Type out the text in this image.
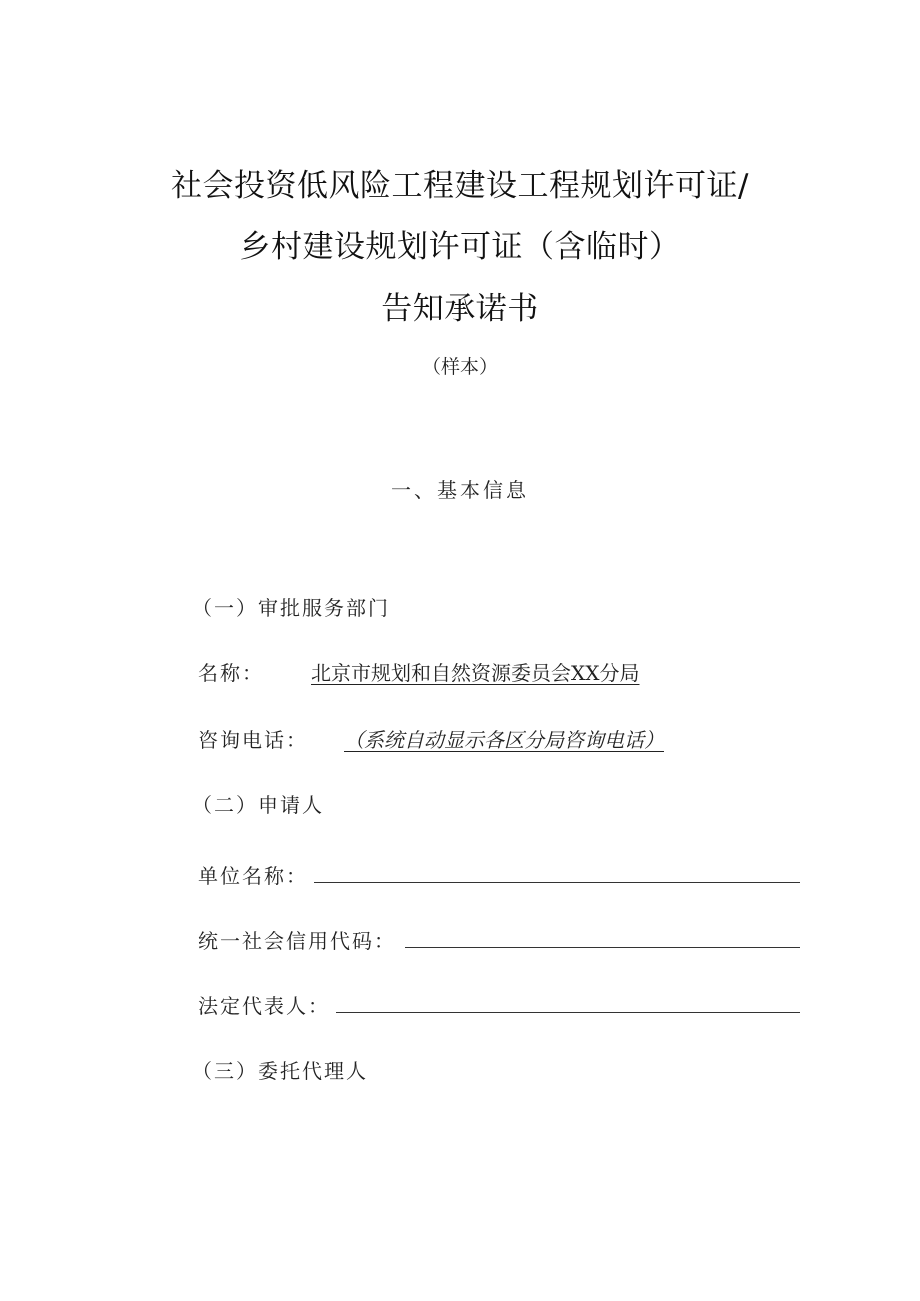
社会投资低风险工程建设工程规划许可证/
乡村建设规划许可证（含临时）
告知承诺书
（样本）
一、基本信息
（一）审批服务部门
名称： 北京市规划和自然资源委员会XX分局
咨询电话： （系统自动显示各区分局咨询电话）
（二）申请人
单位名称：
统一社会信用代码：
法定代表人：
（三）委托代理人
